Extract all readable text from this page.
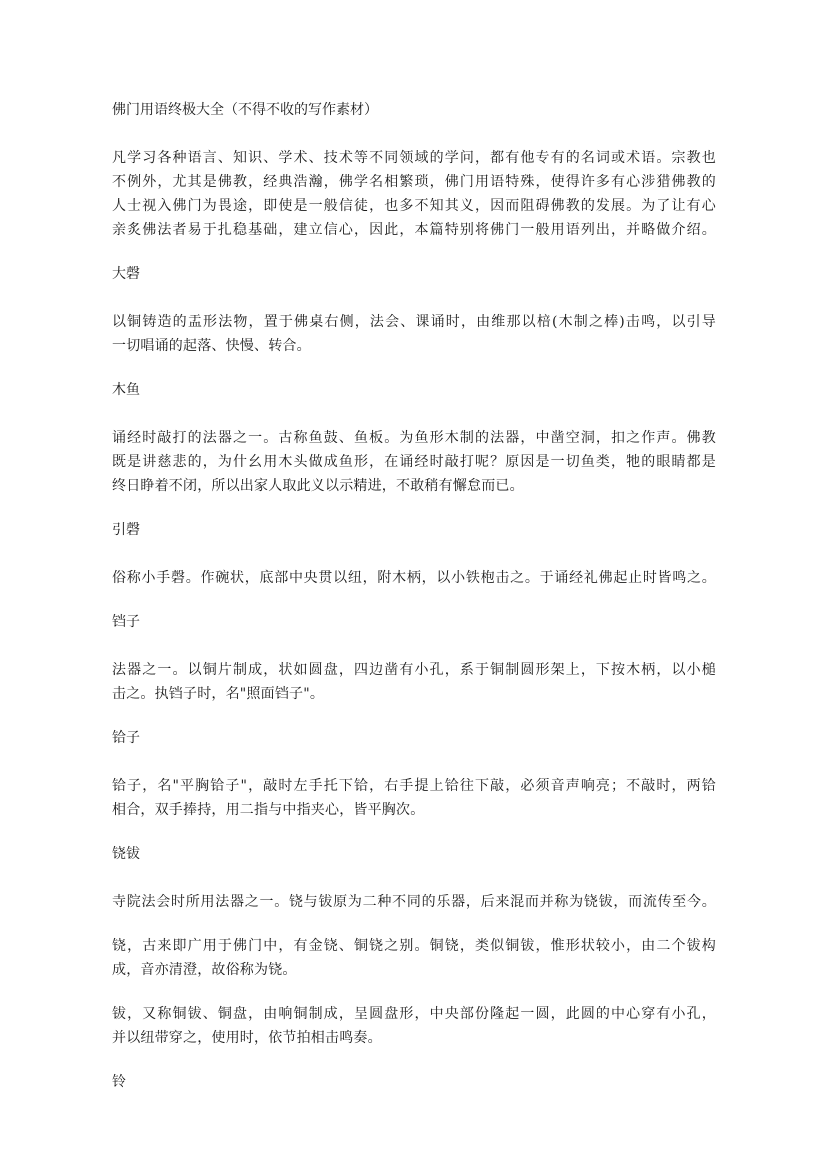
佛门用语终极大全（不得不收的写作素材）
凡学习各种语言、知识、学术、技术等不同领域的学问，都有他专有的名词或术语。宗教也
不例外，尤其是佛教，经典浩瀚，佛学名相繁琐，佛门用语特殊，使得许多有心涉猎佛教的
人士视入佛门为畏途，即使是一般信徒，也多不知其义，因而阻碍佛教的发展。为了让有心
亲炙佛法者易于扎稳基础，建立信心，因此，本篇特别将佛门一般用语列出，并略做介绍。
大磬
以铜铸造的盂形法物，置于佛桌右侧，法会、课诵时，由维那以棓(木制之棒)击鸣，以引导
一切唱诵的起落、快慢、转合。
木鱼
诵经时敲打的法器之一。古称鱼鼓、鱼板。为鱼形木制的法器，中凿空洞，扣之作声。佛教
既是讲慈悲的，为什幺用木头做成鱼形，在诵经时敲打呢？原因是一切鱼类，牠的眼睛都是
终日睁着不闭，所以出家人取此义以示精进，不敢稍有懈怠而已。
引磬
俗称小手磬。作碗状，底部中央贯以纽，附木柄，以小铁枹击之。于诵经礼佛起止时皆鸣之。
铛子
法器之一。以铜片制成，状如圆盘，四边凿有小孔，系于铜制圆形架上，下按木柄，以小槌
击之。执铛子时，名"照面铛子"。
铪子
铪子，名"平胸铪子"，敲时左手托下铪，右手提上铪往下敲，必须音声响亮；不敲时，两铪
相合，双手捧持，用二指与中指夹心，皆平胸次。
铙钹
寺院法会时所用法器之一。铙与钹原为二种不同的乐器，后来混而并称为铙钹，而流传至今。
铙，古来即广用于佛门中，有金铙、铜铙之别。铜铙，类似铜钹，惟形状较小，由二个钹构
成，音亦清澄，故俗称为铙。
钹，又称铜钹、铜盘，由响铜制成，呈圆盘形，中央部份隆起一圆，此圆的中心穿有小孔，
并以纽带穿之，使用时，依节拍相击鸣奏。
铃
